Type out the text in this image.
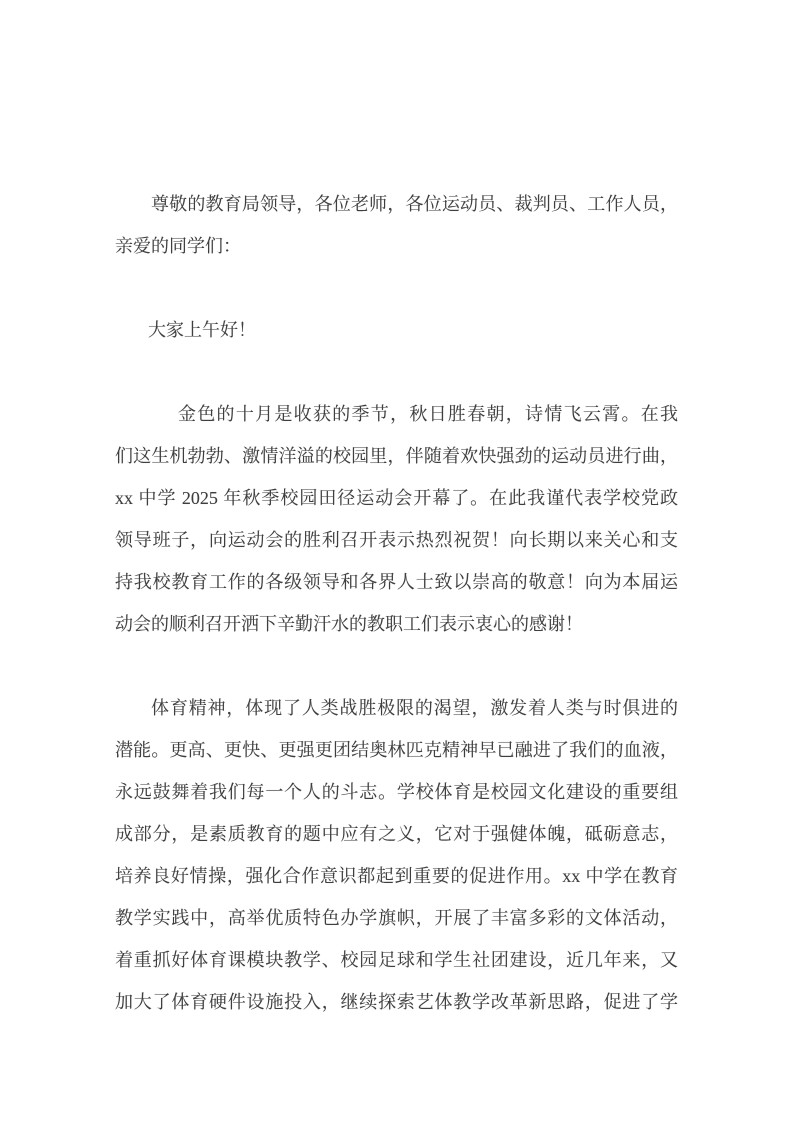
尊敬的教育局领导，各位老师，各位运动员、裁判员、工作人员，
亲爱的同学们：
大家上午好！
金色的十月是收获的季节，秋日胜春朝，诗情飞云霄。在我
们这生机勃勃、激情洋溢的校园里，伴随着欢快强劲的运动员进行曲，
xx 中学 2025 年秋季校园田径运动会开幕了。在此我谨代表学校党政
领导班子，向运动会的胜利召开表示热烈祝贺！向长期以来关心和支
持我校教育工作的各级领导和各界人士致以崇高的敬意！向为本届运
动会的顺利召开洒下辛勤汗水的教职工们表示衷心的感谢！
体育精神，体现了人类战胜极限的渴望，激发着人类与时俱进的
潜能。更高、更快、更强更团结奥林匹克精神早已融进了我们的血液，
永远鼓舞着我们每一个人的斗志。学校体育是校园文化建设的重要组
成部分，是素质教育的题中应有之义，它对于强健体魄，砥砺意志，
培养良好情操，强化合作意识都起到重要的促进作用。xx 中学在教育
教学实践中，高举优质特色办学旗帜，开展了丰富多彩的文体活动，
着重抓好体育课模块教学、校园足球和学生社团建设，近几年来，又
加大了体育硬件设施投入，继续探索艺体教学改革新思路，促进了学
